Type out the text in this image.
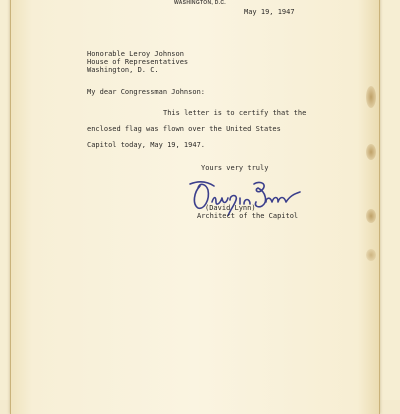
WASHINGTON, D.C.

May 19, 1947

Honorable Leroy Johnson

House of Representatives

Washington, D. C.

My dear Congressman Johnson:

This letter is to certify that the

enclosed flag was flown over the United States

Capitol today, May 19, 1947.

Yours very truly

(David Lynn)

Architect of the Capitol
